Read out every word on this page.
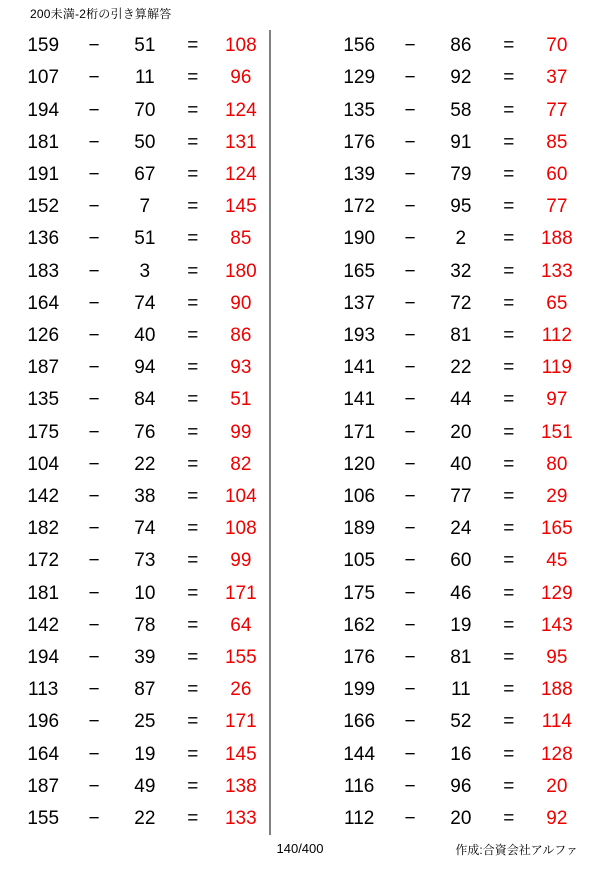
200未満-2桁の引き算解答
159	−	51	=	108
107	−	11	=	96
194	−	70	=	124
181	−	50	=	131
191	−	67	=	124
152	−	7	=	145
136	−	51	=	85
183	−	3	=	180
164	−	74	=	90
126	−	40	=	86
187	−	94	=	93
135	−	84	=	51
175	−	76	=	99
104	−	22	=	82
142	−	38	=	104
182	−	74	=	108
172	−	73	=	99
181	−	10	=	171
142	−	78	=	64
194	−	39	=	155
113	−	87	=	26
196	−	25	=	171
164	−	19	=	145
187	−	49	=	138
155	−	22	=	133
156	−	86	=	70
129	−	92	=	37
135	−	58	=	77
176	−	91	=	85
139	−	79	=	60
172	−	95	=	77
190	−	2	=	188
165	−	32	=	133
137	−	72	=	65
193	−	81	=	112
141	−	22	=	119
141	−	44	=	97
171	−	20	=	151
120	−	40	=	80
106	−	77	=	29
189	−	24	=	165
105	−	60	=	45
175	−	46	=	129
162	−	19	=	143
176	−	81	=	95
199	−	11	=	188
166	−	52	=	114
144	−	16	=	128
116	−	96	=	20
112	−	20	=	92
140/400	作成:合資会社アルファ
